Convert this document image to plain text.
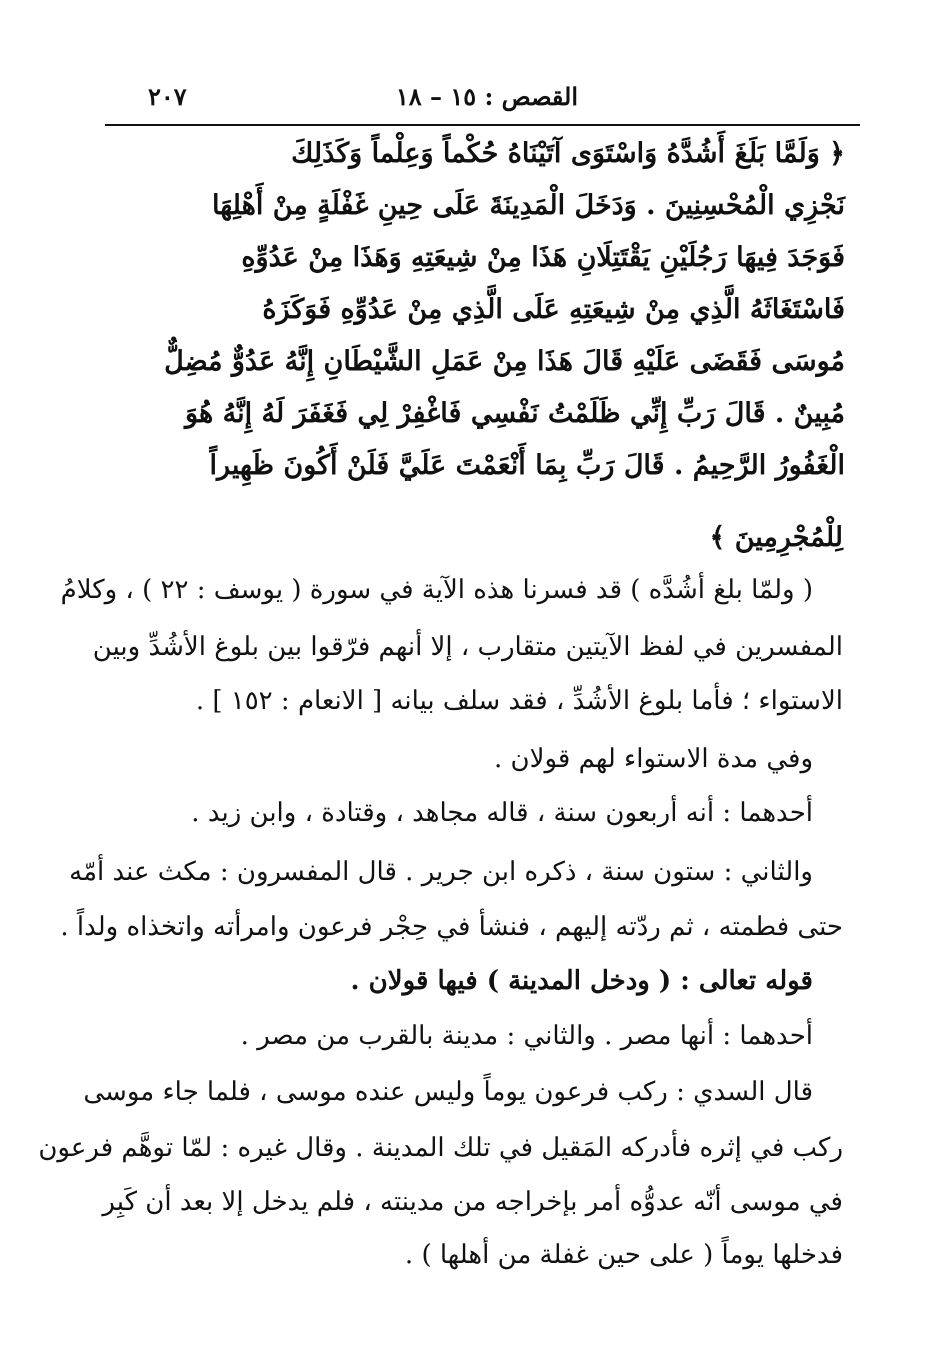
القصص : ١٥ – ١٨
٢٠٧
﴿ وَلَمَّا بَلَغَ أَشُدَّهُ وَاسْتَوَى آتَيْنَاهُ حُكْماً وَعِلْماً وَكَذَلِكَ
نَجْزِي الْمُحْسِنِينَ . وَدَخَلَ الْمَدِينَةَ عَلَى حِينِ غَفْلَةٍ مِنْ أَهْلِهَا
فَوَجَدَ فِيهَا رَجُلَيْنِ يَقْتَتِلَانِ هَذَا مِنْ شِيعَتِهِ وَهَذَا مِنْ عَدُوِّهِ
فَاسْتَغَاثَهُ الَّذِي مِنْ شِيعَتِهِ عَلَى الَّذِي مِنْ عَدُوِّهِ فَوَكَزَهُ
مُوسَى فَقَضَى عَلَيْهِ قَالَ هَذَا مِنْ عَمَلِ الشَّيْطَانِ إِنَّهُ عَدُوٌّ مُضِلٌّ
مُبِينٌ . قَالَ رَبِّ إِنِّي ظَلَمْتُ نَفْسِي فَاغْفِرْ لِي فَغَفَرَ لَهُ إِنَّهُ هُوَ
الْغَفُورُ الرَّحِيمُ . قَالَ رَبِّ بِمَا أَنْعَمْتَ عَلَيَّ فَلَنْ أَكُونَ ظَهِيراً
لِلْمُجْرِمِينَ ﴾
( ولمّا بلغ أشُدَّه ) قد فسرنا هذه الآية في سورة ( يوسف : ٢٢ ) ، وكلامُ
المفسرين في لفظ الآيتين متقارب ، إلا أنهم فرّقوا بين بلوغ الأشُدِّ وبين
الاستواء ؛ فأما بلوغ الأشُدِّ ، فقد سلف بيانه [ الانعام : ١٥٢ ] .
وفي مدة الاستواء لهم قولان .
أحدهما : أنه أربعون سنة ، قاله مجاهد ، وقتادة ، وابن زيد .
والثاني : ستون سنة ، ذكره ابن جرير . قال المفسرون : مكث عند أمّه
حتى فطمته ، ثم ردّته إليهم ، فنشأ في حِجْر فرعون وامرأته واتخذاه ولداً .
قوله تعالى : ( ودخل المدينة ) فيها قولان .
أحدهما : أنها مصر . والثاني : مدينة بالقرب من مصر .
قال السدي : ركب فرعون يوماً وليس عنده موسى ، فلما جاء موسى
ركب في إثره فأدركه المَقيل في تلك المدينة . وقال غيره : لمّا توهَّم فرعون
في موسى أنّه عدوُّه أمر بإخراجه من مدينته ، فلم يدخل إلا بعد أن كَبِر
فدخلها يوماً ( على حين غفلة من أهلها ) .
